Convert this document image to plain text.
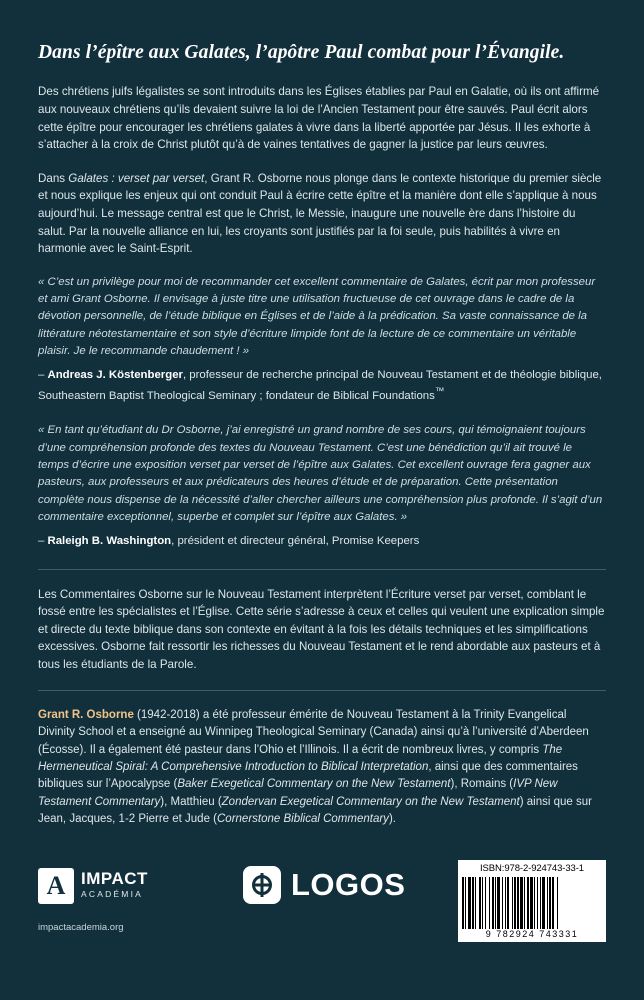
Dans l’épître aux Galates, l’apôtre Paul combat pour l’Évangile.

Des chrétiens juifs légalistes se sont introduits dans les Églises établies par Paul en Galatie, où ils ont affirmé aux nouveaux chrétiens qu’ils devaient suivre la loi de l’Ancien Testament pour être sauvés. Paul écrit alors cette épître pour encourager les chrétiens galates à vivre dans la liberté apportée par Jésus. Il les exhorte à s’attacher à la croix de Christ plutôt qu’à de vaines tentatives de gagner la justice par leurs œuvres.

Dans Galates : verset par verset, Grant R. Osborne nous plonge dans le contexte historique du premier siècle et nous explique les enjeux qui ont conduit Paul à écrire cette épître et la manière dont elle s’applique à nous aujourd’hui. Le message central est que le Christ, le Messie, inaugure une nouvelle ère dans l’histoire du salut. Par la nouvelle alliance en lui, les croyants sont justifiés par la foi seule, puis habilités à vivre en harmonie avec le Saint-Esprit.

« C’est un privilège pour moi de recommander cet excellent commentaire de Galates, écrit par mon professeur et ami Grant Osborne. Il envisage à juste titre une utilisation fructueuse de cet ouvrage dans le cadre de la dévotion personnelle, de l’étude biblique en Églises et de l’aide à la prédication. Sa vaste connaissance de la littérature néotestamentaire et son style d’écriture limpide font de la lecture de ce commentaire un véritable plaisir. Je le recommande chaudement ! »

– Andreas J. Köstenberger, professeur de recherche principal de Nouveau Testament et de théologie biblique, Southeastern Baptist Theological Seminary ; fondateur de Biblical Foundations™

« En tant qu’étudiant du Dr Osborne, j’ai enregistré un grand nombre de ses cours, qui témoignaient toujours d’une compréhension profonde des textes du Nouveau Testament. C’est une bénédiction qu’il ait trouvé le temps d’écrire une exposition verset par verset de l’épître aux Galates. Cet excellent ouvrage fera gagner aux pasteurs, aux professeurs et aux prédicateurs des heures d’étude et de préparation. Cette présentation complète nous dispense de la nécessité d’aller chercher ailleurs une compréhension plus profonde. Il s’agit d’un commentaire exceptionnel, superbe et complet sur l’épître aux Galates. »

– Raleigh B. Washington, président et directeur général, Promise Keepers

Les Commentaires Osborne sur le Nouveau Testament interprètent l’Écriture verset par verset, comblant le fossé entre les spécialistes et l’Église. Cette série s’adresse à ceux et celles qui veulent une explication simple et directe du texte biblique dans son contexte en évitant à la fois les détails techniques et les simplifications excessives. Osborne fait ressortir les richesses du Nouveau Testament et le rend abordable aux pasteurs et à tous les étudiants de la Parole.

Grant R. Osborne (1942-2018) a été professeur émérite de Nouveau Testament à la Trinity Evangelical Divinity School et a enseigné au Winnipeg Theological Seminary (Canada) ainsi qu’à l’université d’Aberdeen (Écosse). Il a également été pasteur dans l’Ohio et l’Illinois. Il a écrit de nombreux livres, y compris The Hermeneutical Spiral: A Comprehensive Introduction to Biblical Interpretation, ainsi que des commentaires bibliques sur l’Apocalypse (Baker Exegetical Commentary on the New Testament), Romains (IVP New Testament Commentary), Matthieu (Zondervan Exegetical Commentary on the New Testament) ainsi que sur Jean, Jacques, 1-2 Pierre et Jude (Cornerstone Biblical Commentary).

A IMPACT
ACADÉMIA
impactacademia.org
LOGOS	ISBN:978-2-924743-33-1
9 782924 743331
